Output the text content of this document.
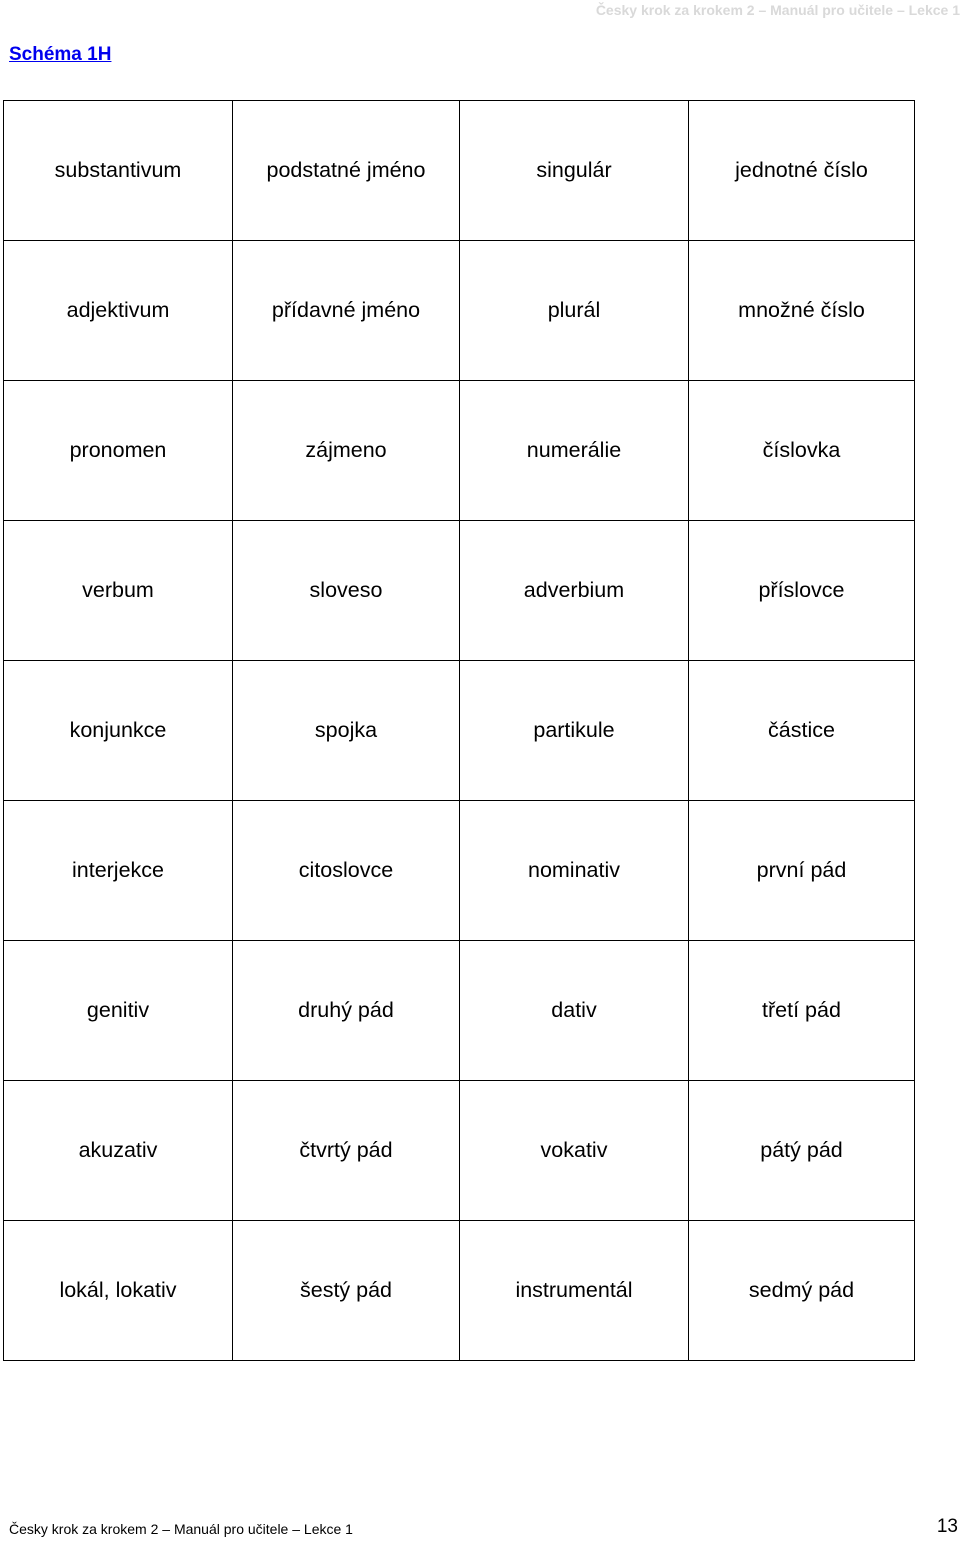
Česky krok za krokem 2 – Manuál pro učitele – Lekce 1
Schéma 1H
substantivum	podstatné jméno	singulár	jednotné číslo
adjektivum	přídavné jméno	plurál	množné číslo
pronomen	zájmeno	numerálie	číslovka
verbum	sloveso	adverbium	příslovce
konjunkce	spojka	partikule	částice
interjekce	citoslovce	nominativ	první pád
genitiv	druhý pád	dativ	třetí pád
akuzativ	čtvrtý pád	vokativ	pátý pád
lokál, lokativ	šestý pád	instrumentál	sedmý pád
Česky krok za krokem 2 – Manuál pro učitele – Lekce 1	13
